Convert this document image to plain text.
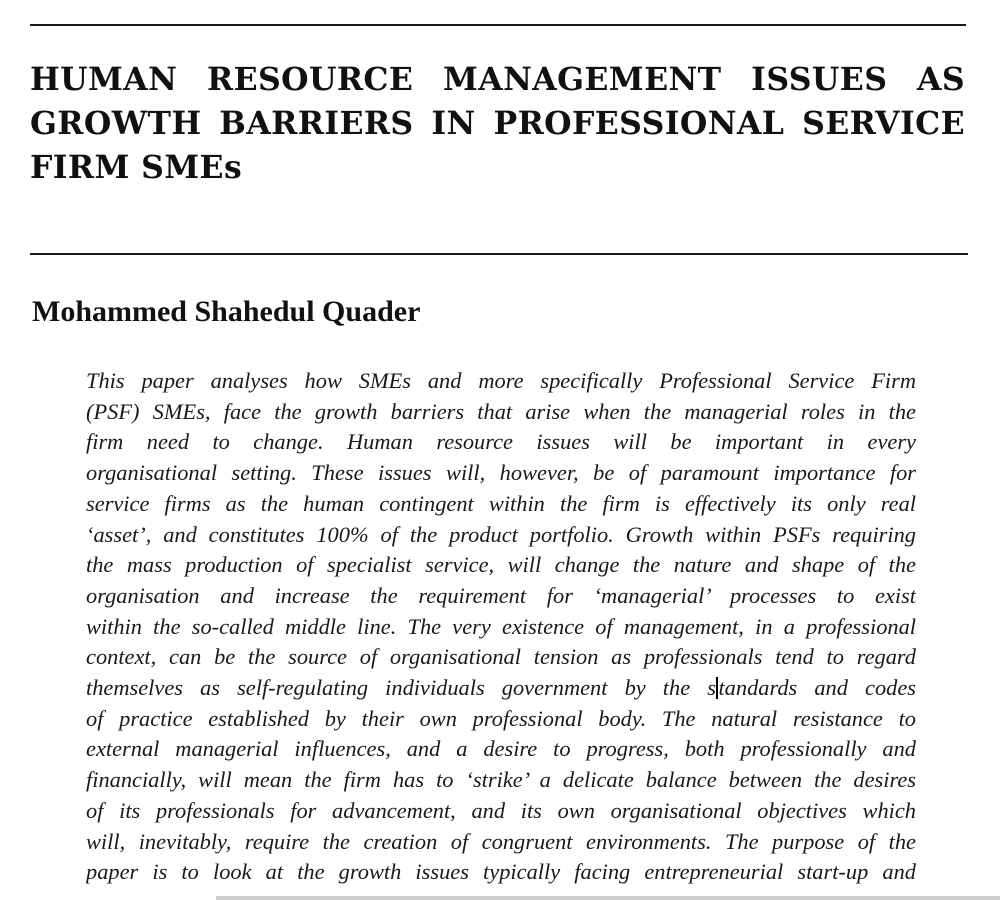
HUMAN RESOURCE MANAGEMENT ISSUES AS
GROWTH BARRIERS IN PROFESSIONAL SERVICE
FIRM SMEs

Mohammed Shahedul Quader

This paper analyses how SMEs and more specifically Professional Service Firm
(PSF) SMEs, face the growth barriers that arise when the managerial roles in the
firm need to change. Human resource issues will be important in every
organisational setting. These issues will, however, be of paramount importance for
service firms as the human contingent within the firm is effectively its only real
‘asset’, and constitutes 100% of the product portfolio. Growth within PSFs requiring
the mass production of specialist service, will change the nature and shape of the
organisation and increase the requirement for ‘managerial’ processes to exist
within the so-called middle line. The very existence of management, in a professional
context, can be the source of organisational tension as professionals tend to regard
themselves as self-regulating individuals government by the s tandards and codes
of practice established by their own professional body. The natural resistance to
external managerial influences, and a desire to progress, both professionally and
financially, will mean the firm has to ‘strike’ a delicate balance between the desires
of its professionals for advancement, and its own organisational objectives which
will, inevitably, require the creation of congruent environments. The purpose of the
paper is to look at the growth issues typically facing entrepreneurial start-up and
